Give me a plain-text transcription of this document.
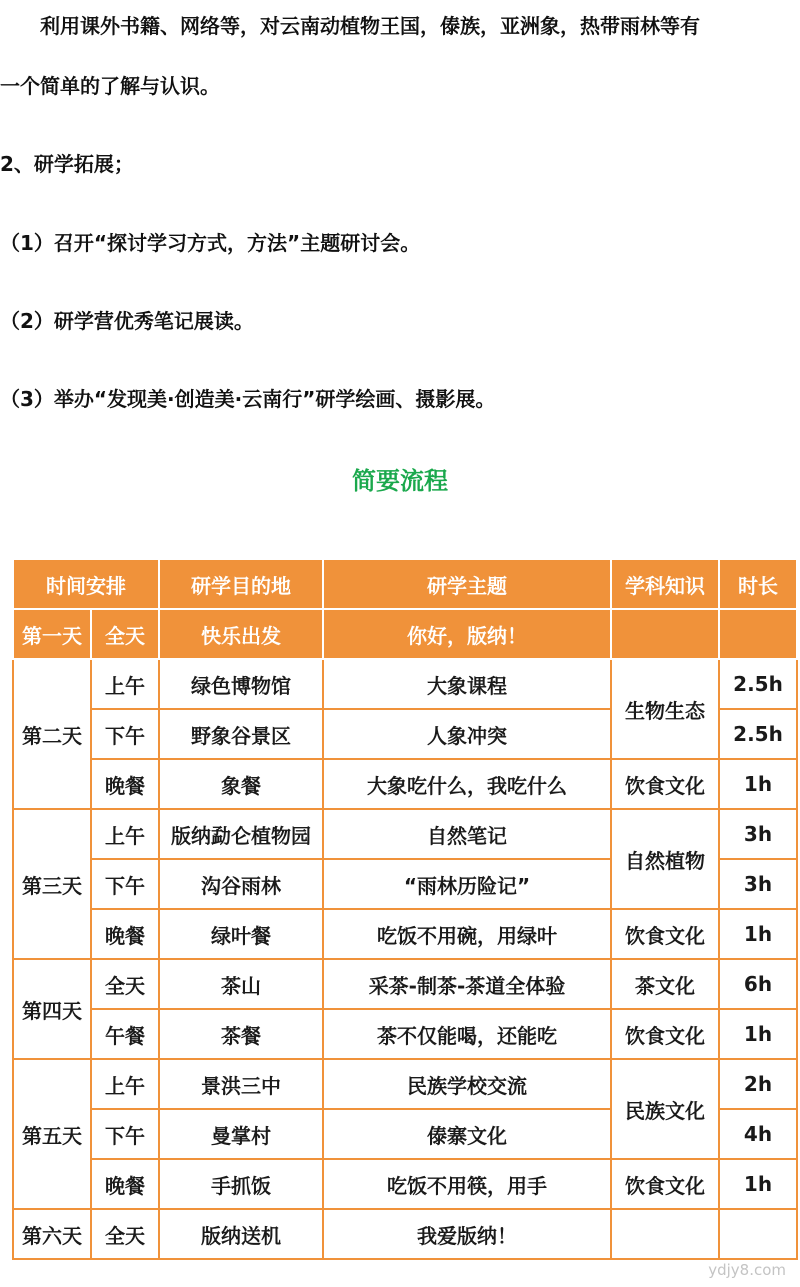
　　利用课外书籍、网络等，对云南动植物王国，傣族，亚洲象，热带雨林等有
一个简单的了解与认识。
2、研学拓展；
（1）召开“探讨学习方式，方法”主题研讨会。
（2）研学营优秀笔记展读。
（3）举办“发现美·创造美·云南行”研学绘画、摄影展。
简要流程
时间安排		研学目的地	研学主题	学科知识	时长
第一天	全天	快乐出发	你好，版纳！		
第二天	上午	绿色博物馆	大象课程	生物生态	2.5h
	下午	野象谷景区	人象冲突		2.5h
	晚餐	象餐	大象吃什么，我吃什么	饮食文化	1h
第三天	上午	版纳勐仑植物园	自然笔记	自然植物	3h
	下午	沟谷雨林	“雨林历险记”		3h
	晚餐	绿叶餐	吃饭不用碗，用绿叶	饮食文化	1h
第四天	全天	茶山	采茶-制茶-茶道全体验	茶文化	6h
	午餐	茶餐	茶不仅能喝，还能吃	饮食文化	1h
第五天	上午	景洪三中	民族学校交流	民族文化	2h
	下午	曼掌村	傣寨文化		4h
	晚餐	手抓饭	吃饭不用筷，用手	饮食文化	1h
第六天	全天	版纳送机	我爱版纳！		
ydjy8.com
